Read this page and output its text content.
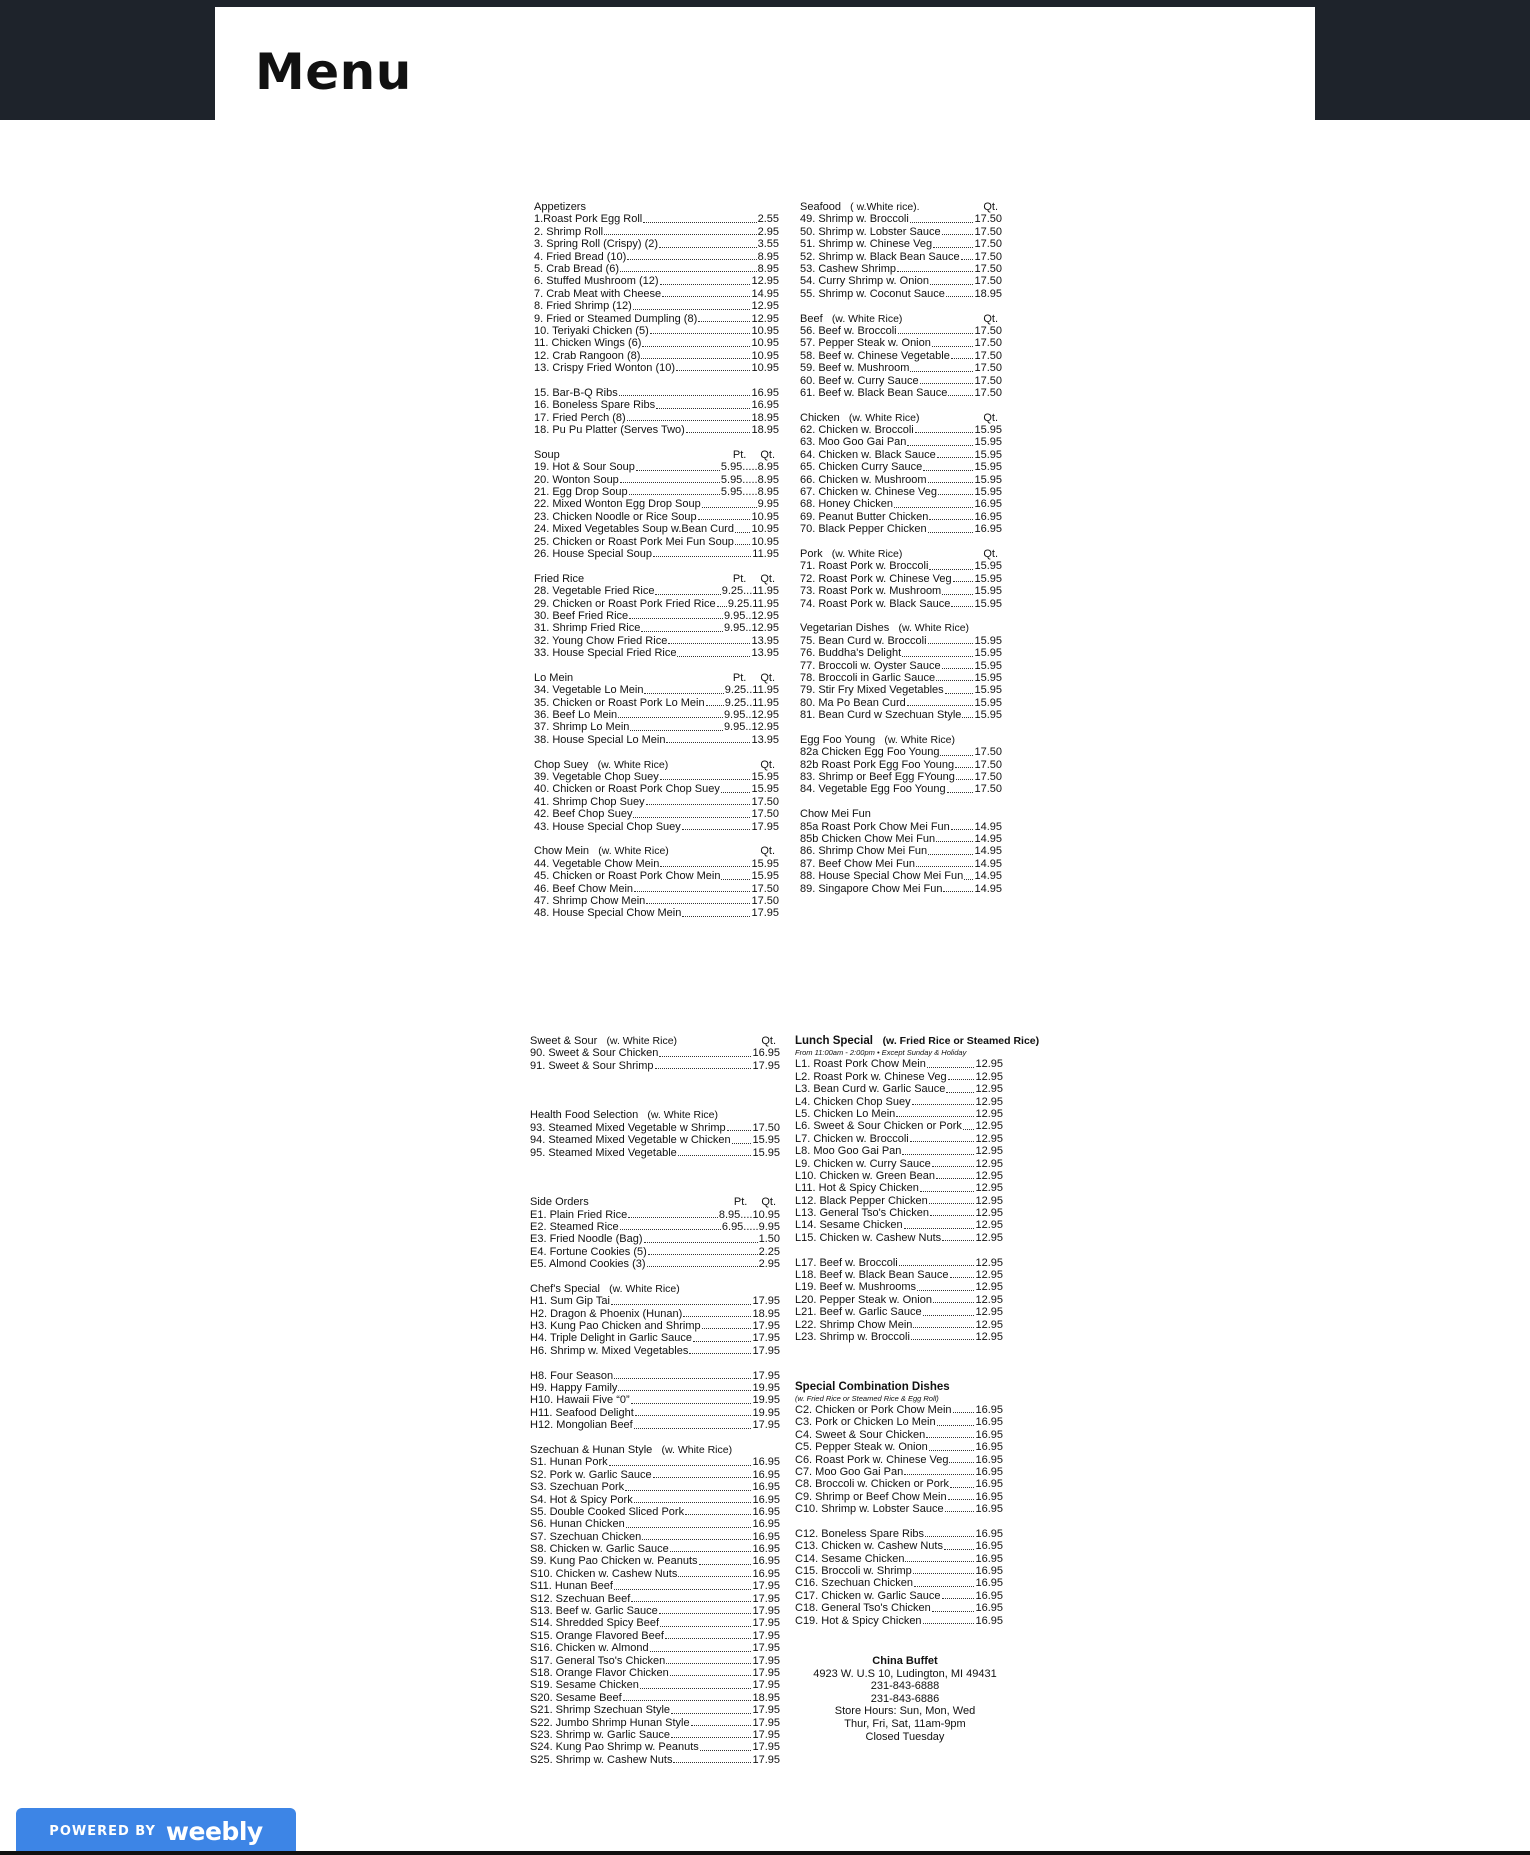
Menu
Appetizers
1.Roast Pork Egg Roll	2.55
2. Shrimp Roll	2.95
3. Spring Roll (Crispy) (2)	3.55
4. Fried Bread (10)	8.95
5. Crab Bread (6)	8.95
6. Stuffed Mushroom (12)	12.95
7. Crab Meat with Cheese	14.95
8. Fried Shrimp (12)	12.95
9. Fried or Steamed Dumpling (8)	12.95
10. Teriyaki Chicken (5)	10.95
11. Chicken Wings (6)	10.95
12. Crab Rangoon (8)	10.95
13. Crispy Fried Wonton (10)	10.95
15. Bar-B-Q Ribs	16.95
16. Boneless Spare Ribs	16.95
17. Fried Perch (8)	18.95
18. Pu Pu Platter (Serves Two)	18.95
Soup	Pt. Qt.
19. Hot & Sour Soup	5.95.....8.95
20. Wonton Soup	5.95.....8.95
21. Egg Drop Soup	5.95.....8.95
22. Mixed Wonton Egg Drop Soup	9.95
23. Chicken Noodle or Rice Soup	10.95
24. Mixed Vegetables Soup w.Bean Curd 10.95
25. Chicken or Roast Pork Mei Fun Soup 10.95
26. House Special Soup	11.95
Fried Rice	Pt. Qt.
28. Vegetable Fried Rice	9.25...11.95
29. Chicken or Roast Pork Fried Rice 9.25.11.95
30. Beef Fried Rice	9.95..12.95
31. Shrimp Fried Rice	9.95..12.95
32. Young Chow Fried Rice	13.95
33. House Special Fried Rice	13.95
Lo Mein	Pt. Qt.
34. Vegetable Lo Mein	9.25..11.95
35. Chicken or Roast Pork Lo Mein 9.25..11.95
36. Beef Lo Mein	9.95..12.95
37. Shrimp Lo Mein	9.95..12.95
38. House Special Lo Mein	13.95
Chop Suey (w. White Rice)	Qt.
39. Vegetable Chop Suey	15.95
40. Chicken or Roast Pork Chop Suey	15.95
41. Shrimp Chop Suey	17.50
42. Beef Chop Suey	17.50
43. House Special Chop Suey	17.95
Chow Mein (w. White Rice)	Qt.
44. Vegetable Chow Mein	15.95
45. Chicken or Roast Pork Chow Mein	15.95
46. Beef Chow Mein	17.50
47. Shrimp Chow Mein	17.50
48. House Special Chow Mein	17.95
Seafood ( w.White rice).	Qt.
49. Shrimp w. Broccoli	17.50
50. Shrimp w. Lobster Sauce	17.50
51. Shrimp w. Chinese Veg	17.50
52. Shrimp w. Black Bean Sauce 17.50
53. Cashew Shrimp	17.50
54. Curry Shrimp w. Onion	17.50
55. Shrimp w. Coconut Sauce	18.95
Beef (w. White Rice)	Qt.
56. Beef w. Broccoli	17.50
57. Pepper Steak w. Onion	17.50
58. Beef w. Chinese Vegetable 17.50
59. Beef w. Mushroom	17.50
60. Beef w. Curry Sauce	17.50
61. Beef w. Black Bean Sauce 17.50
Chicken (w. White Rice)	Qt.
62. Chicken w. Broccoli	15.95
63. Moo Goo Gai Pan	15.95
64. Chicken w. Black Sauce	15.95
65. Chicken Curry Sauce	15.95
66. Chicken w. Mushroom	15.95
67. Chicken w. Chinese Veg	15.95
68. Honey Chicken	16.95
69. Peanut Butter Chicken	16.95
70. Black Pepper Chicken	16.95
Pork (w. White Rice)	Qt.
71. Roast Pork w. Broccoli	15.95
72. Roast Pork w. Chinese Veg 15.95
73. Roast Pork w. Mushroom	15.95
74. Roast Pork w. Black Sauce 15.95
Vegetarian Dishes (w. White Rice)
75. Bean Curd w. Broccoli	15.95
76. Buddha's Delight	15.95
77. Broccoli w. Oyster Sauce	15.95
78. Broccoli in Garlic Sauce	15.95
79. Stir Fry Mixed Vegetables	15.95
80. Ma Po Bean Curd	15.95
81. Bean Curd w Szechuan Style 15.95
Egg Foo Young (w. White Rice)
82a Chicken Egg Foo Young	17.50
82b Roast Pork Egg Foo Young 17.50
83. Shrimp or Beef Egg FYoung 17.50
84. Vegetable Egg Foo Young	17.50
Chow Mei Fun
85a Roast Pork Chow Mei Fun 14.95
85b Chicken Chow Mei Fun	14.95
86. Shrimp Chow Mei Fun	14.95
87. Beef Chow Mei Fun	14.95
88. House Special Chow Mei Fun 14.95
89. Singapore Chow Mei Fun	14.95
Sweet & Sour (w. White Rice)	Qt.
90. Sweet & Sour Chicken	16.95
91. Sweet & Sour Shrimp	17.95
Health Food Selection (w. White Rice)
93. Steamed Mixed Vegetable w Shrimp 17.50
94. Steamed Mixed Vegetable w Chicken 15.95
95. Steamed Mixed Vegetable	15.95
Side Orders	Pt. Qt.
E1. Plain Fried Rice	8.95....10.95
E2. Steamed Rice	6.95.....9.95
E3. Fried Noodle (Bag)	1.50
E4. Fortune Cookies (5)	2.25
E5. Almond Cookies (3)	2.95
Chef's Special (w. White Rice)
H1. Sum Gip Tai	17.95
H2. Dragon & Phoenix (Hunan)	18.95
H3. Kung Pao Chicken and Shrimp	17.95
H4. Triple Delight in Garlic Sauce	17.95
H6. Shrimp w. Mixed Vegetables	17.95
H8. Four Season	17.95
H9. Happy Family	19.95
H10. Hawaii Five “0”	19.95
H11. Seafood Delight	19.95
H12. Mongolian Beef	17.95
Szechuan & Hunan Style (w. White Rice)
S1. Hunan Pork	16.95
S2. Pork w. Garlic Sauce	16.95
S3. Szechuan Pork	16.95
S4. Hot & Spicy Pork	16.95
S5. Double Cooked Sliced Pork	16.95
S6. Hunan Chicken	16.95
S7. Szechuan Chicken	16.95
S8. Chicken w. Garlic Sauce	16.95
S9. Kung Pao Chicken w. Peanuts	16.95
S10. Chicken w. Cashew Nuts	16.95
S11. Hunan Beef	17.95
S12. Szechuan Beef	17.95
S13. Beef w. Garlic Sauce	17.95
S14. Shredded Spicy Beef	17.95
S15. Orange Flavored Beef	17.95
S16. Chicken w. Almond	17.95
S17. General Tso's Chicken	17.95
S18. Orange Flavor Chicken	17.95
S19. Sesame Chicken	17.95
S20. Sesame Beef	18.95
S21. Shrimp Szechuan Style	17.95
S22. Jumbo Shrimp Hunan Style	17.95
S23. Shrimp w. Garlic Sauce	17.95
S24. Kung Pao Shrimp w. Peanuts	17.95
S25. Shrimp w. Cashew Nuts	17.95
Lunch Special (w. Fried Rice or Steamed Rice)
From 11:00am - 2:00pm • Except Sunday & Holiday
L1. Roast Pork Chow Mein	12.95
L2. Roast Pork w. Chinese Veg	12.95
L3. Bean Curd w. Garlic Sauce	12.95
L4. Chicken Chop Suey	12.95
L5. Chicken Lo Mein	12.95
L6. Sweet & Sour Chicken or Pork 12.95
L7. Chicken w. Broccoli	12.95
L8. Moo Goo Gai Pan	12.95
L9. Chicken w. Curry Sauce	12.95
L10. Chicken w. Green Bean	12.95
L11. Hot & Spicy Chicken	12.95
L12. Black Pepper Chicken	12.95
L13. General Tso's Chicken	12.95
L14. Sesame Chicken	12.95
L15. Chicken w. Cashew Nuts	12.95
L17. Beef w. Broccoli	12.95
L18. Beef w. Black Bean Sauce 12.95
L19. Beef w. Mushrooms	12.95
L20. Pepper Steak w. Onion	12.95
L21. Beef w. Garlic Sauce	12.95
L22. Shrimp Chow Mein	12.95
L23. Shrimp w. Broccoli	12.95
Special Combination Dishes
(w. Fried Rice or Steamed Rice & Egg Roll)
C2. Chicken or Pork Chow Mein 16.95
C3. Pork or Chicken Lo Mein	16.95
C4. Sweet & Sour Chicken	16.95
C5. Pepper Steak w. Onion	16.95
C6. Roast Pork w. Chinese Veg 16.95
C7. Moo Goo Gai Pan	16.95
C8. Broccoli w. Chicken or Pork 16.95
C9. Shrimp or Beef Chow Mein	16.95
C10. Shrimp w. Lobster Sauce	16.95
C12. Boneless Spare Ribs	16.95
C13. Chicken w. Cashew Nuts	16.95
C14. Sesame Chicken	16.95
C15. Broccoli w. Shrimp	16.95
C16. Szechuan Chicken	16.95
C17. Chicken w. Garlic Sauce	16.95
C18. General Tso's Chicken	16.95
C19. Hot & Spicy Chicken	16.95
China Buffet
4923 W. U.S 10, Ludington, MI 49431
231-843-6888
231-843-6886
Store Hours: Sun, Mon, Wed
Thur, Fri, Sat, 11am-9pm
Closed Tuesday
POWERED BY weebly
